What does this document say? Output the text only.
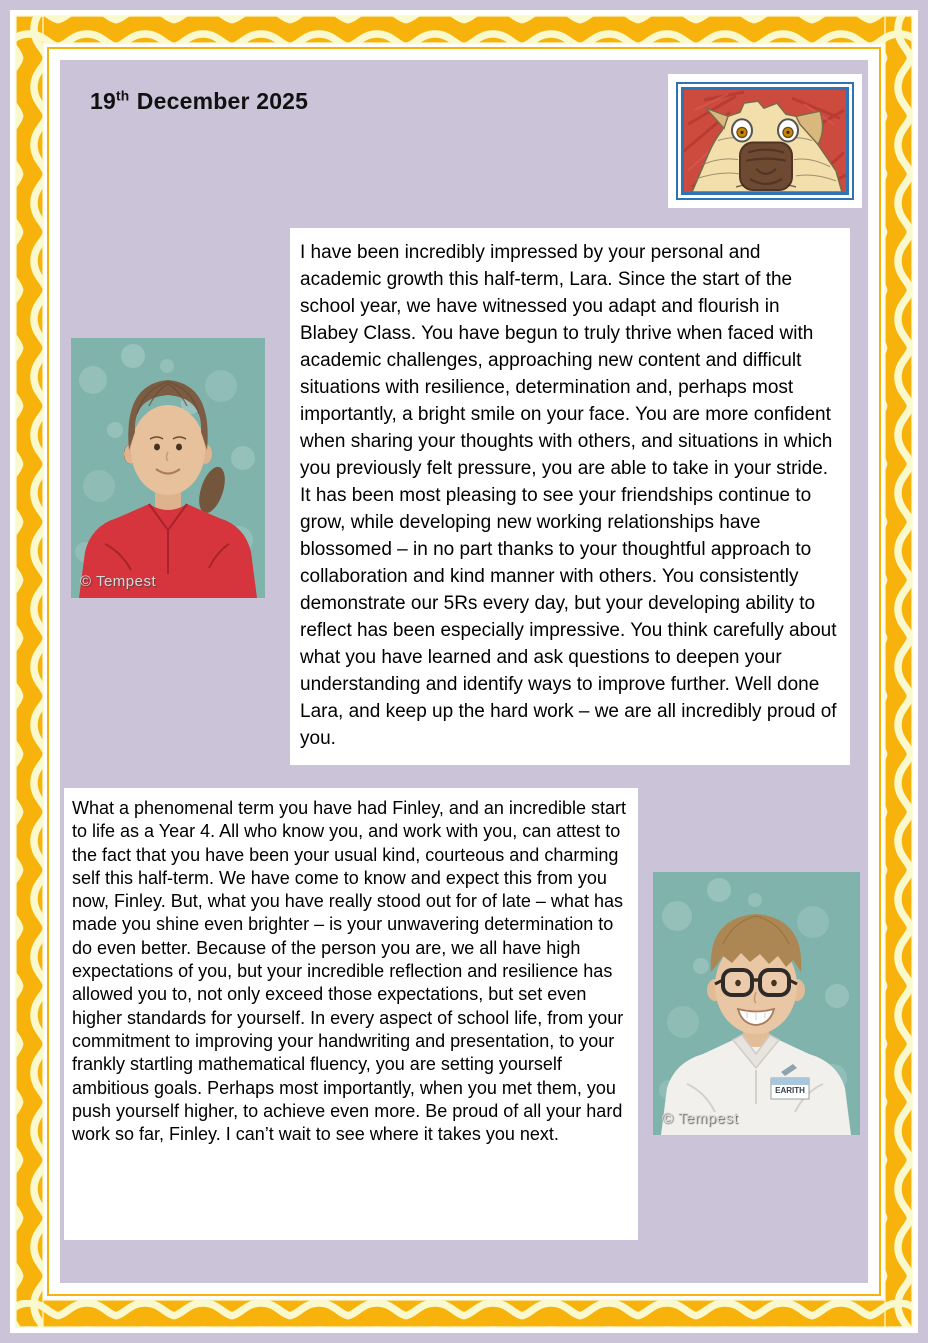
19th December 2025
I have been incredibly impressed by your personal and academic growth this half-term, Lara. Since the start of the school year, we have witnessed you adapt and flourish in Blabey Class. You have begun to truly thrive when faced with academic challenges, approaching new content and difficult situations with resilience, determination and, perhaps most importantly, a bright smile on your face. You are more confident when sharing your thoughts with others, and situations in which you previously felt pressure, you are able to take in your stride. It has been most pleasing to see your friendships continue to grow, while developing new working relationships have blossomed – in no part thanks to your thoughtful approach to collaboration and kind manner with others. You consistently demonstrate our 5Rs every day, but your developing ability to reflect has been especially impressive. You think carefully about what you have learned and ask questions to deepen your understanding and identify ways to improve further. Well done Lara, and keep up the hard work – we are all incredibly proud of you.
© Tempest
What a phenomenal term you have had Finley, and an incredible start to life as a Year 4. All who know you, and work with you, can attest to the fact that you have been your usual kind, courteous and charming self this half-term. We have come to know and expect this from you now, Finley. But, what you have really stood out for of late – what has made you shine even brighter – is your unwavering determination to do even better. Because of the person you are, we all have high expectations of you, but your incredible reflection and resilience has allowed you to, not only exceed those expectations, but set even higher standards for yourself. In every aspect of school life, from your commitment to improving your handwriting and presentation, to your frankly startling mathematical fluency, you are setting yourself ambitious goals. Perhaps most importantly, when you met them, you push yourself higher, to achieve even more. Be proud of all your hard work so far, Finley. I can’t wait to see where it takes you next.
EARITH
© Tempest
